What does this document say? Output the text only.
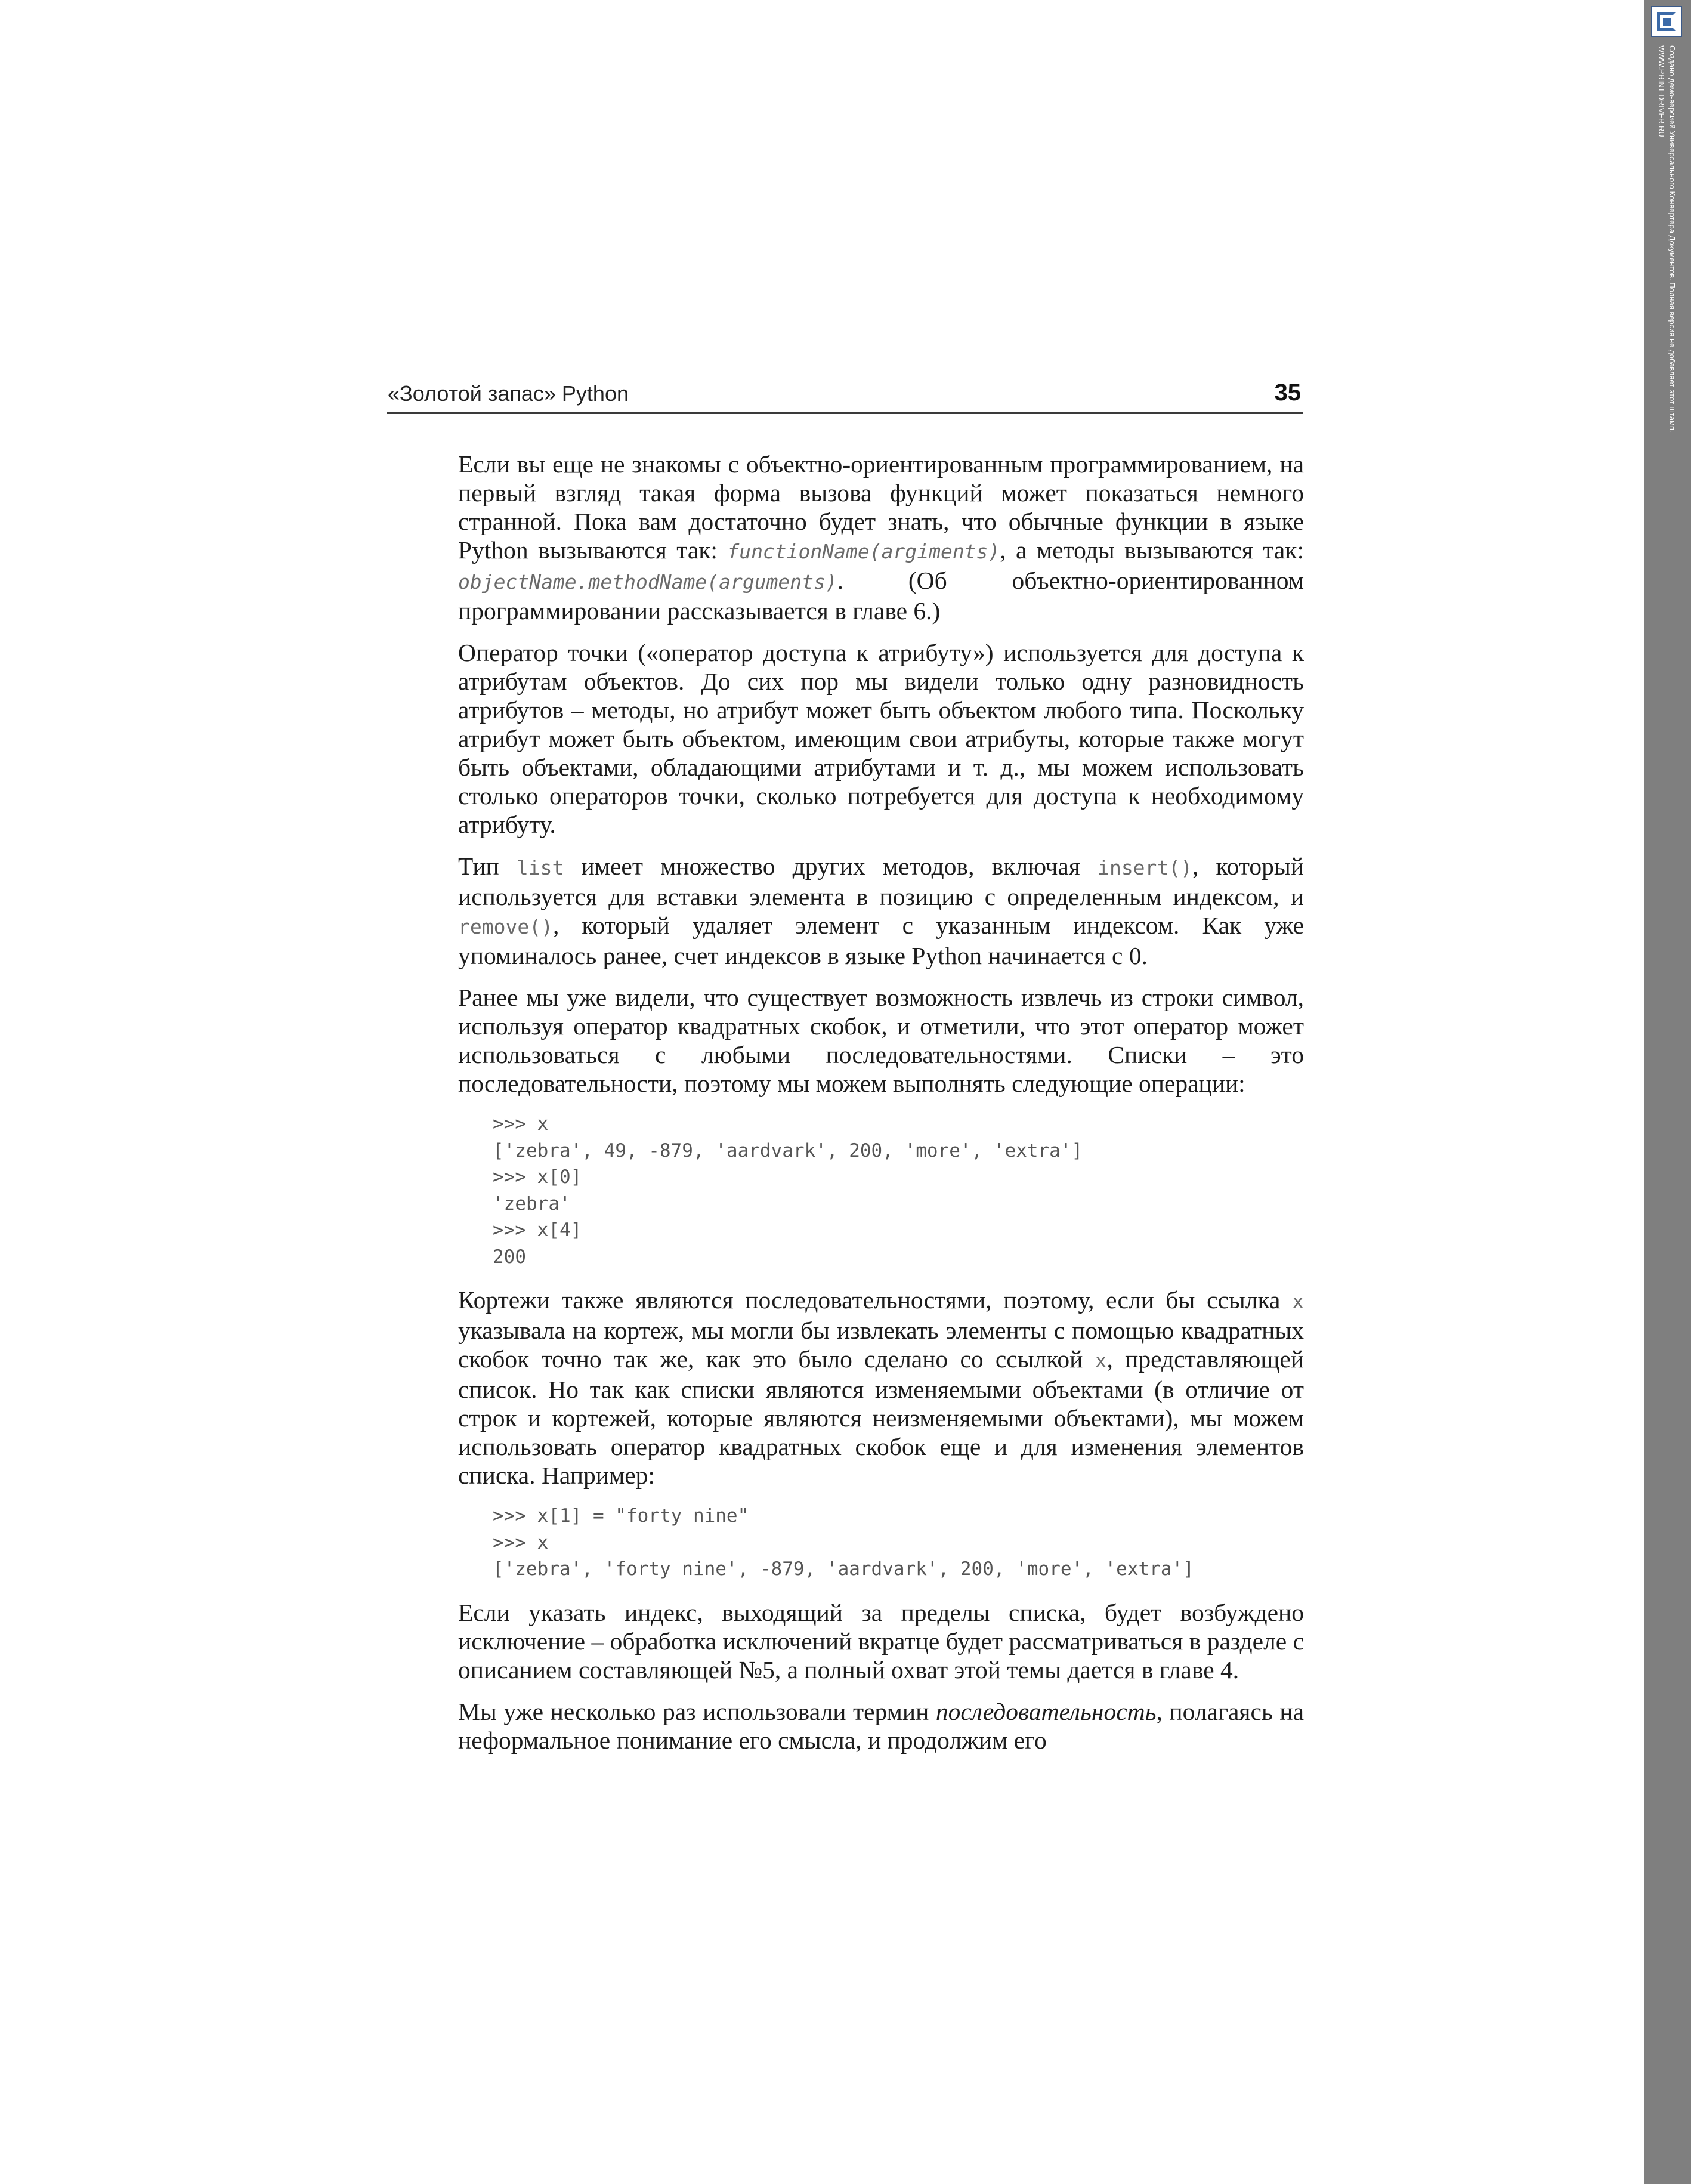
«Золотой запас» Python	35

Если вы еще не знакомы с объектно-ориентированным программированием, на первый взгляд такая форма вызова функций может показаться немного странной. Пока вам достаточно будет знать, что обычные функции в языке Python вызываются так: functionName(argiments), а методы вызываются так: objectName.methodName(arguments). (Об объектно-ориентированном программировании рассказывается в главе 6.)

Оператор точки («оператор доступа к атрибуту») используется для доступа к атрибутам объектов. До сих пор мы видели только одну разновидность атрибутов – методы, но атрибут может быть объектом любого типа. Поскольку атрибут может быть объектом, имеющим свои атрибуты, которые также могут быть объектами, обладающими атрибутами и т. д., мы можем использовать столько операторов точки, сколько потребуется для доступа к необходимому атрибуту.

Тип list имеет множество других методов, включая insert(), который используется для вставки элемента в позицию с определенным индексом, и remove(), который удаляет элемент с указанным индексом. Как уже упоминалось ранее, счет индексов в языке Python начинается с 0.

Ранее мы уже видели, что существует возможность извлечь из строки символ, используя оператор квадратных скобок, и отметили, что этот оператор может использоваться с любыми последовательностями. Списки – это последовательности, поэтому мы можем выполнять следующие операции:

>>> x
['zebra', 49, -879, 'aardvark', 200, 'more', 'extra']
>>> x[0]
'zebra'
>>> x[4]
200

Кортежи также являются последовательностями, поэтому, если бы ссылка x указывала на кортеж, мы могли бы извлекать элементы с помощью квадратных скобок точно так же, как это было сделано со ссылкой x, представляющей список. Но так как списки являются изменяемыми объектами (в отличие от строк и кортежей, которые являются неизменяемыми объектами), мы можем использовать оператор квадратных скобок еще и для изменения элементов списка. Например:

>>> x[1] = "forty nine"
>>> x
['zebra', 'forty nine', -879, 'aardvark', 200, 'more', 'extra']

Если указать индекс, выходящий за пределы списка, будет возбуждено исключение – обработка исключений вкратце будет рассматриваться в разделе с описанием составляющей №5, а полный охват этой темы дается в главе 4.

Мы уже несколько раз использовали термин последовательность, полагаясь на неформальное понимание его смысла, и продолжим его

Создано демо-версией Универсального Конвертера Документов. Полная версия не добавляет этот штамп.
WWW.PRINT-DRIVER.RU
